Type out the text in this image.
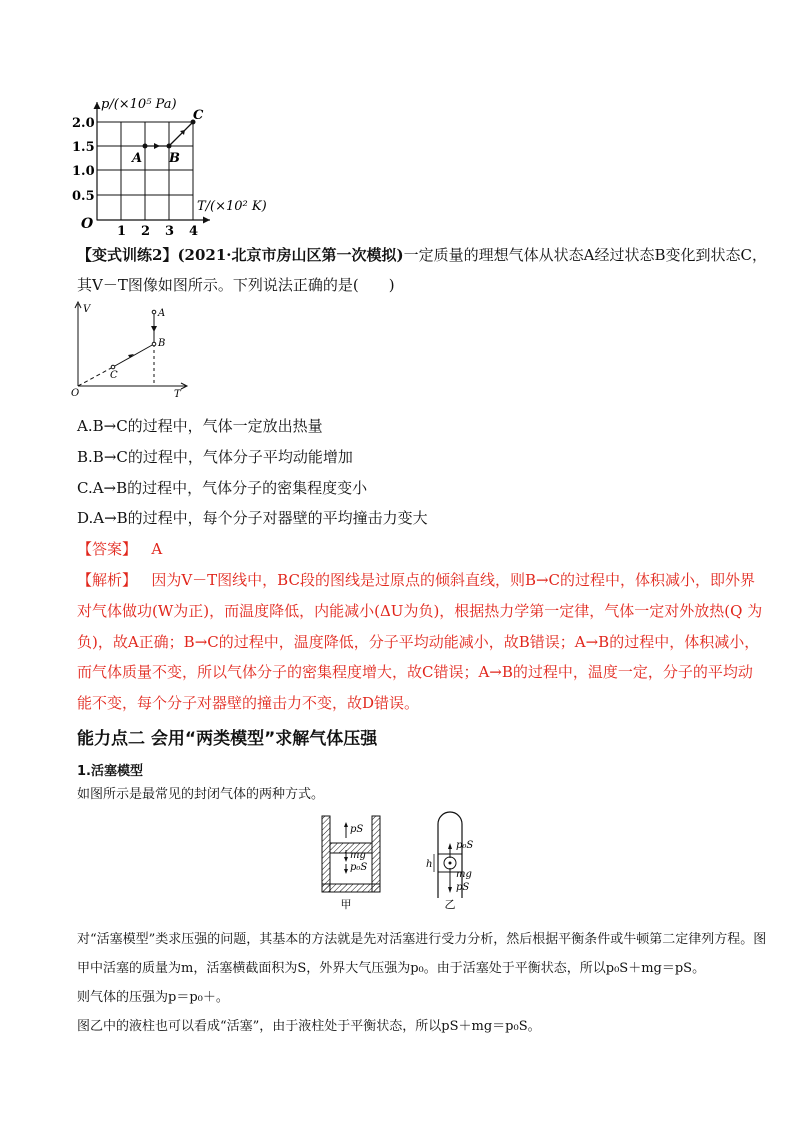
p/(×10⁵ Pa)
T/(×10² K)
O
2.0
1.5
1.0
0.5
1 2 3 4
A B
C
【变式训练2】(2021·北京市房山区第一次模拟)一定质量的理想气体从状态A经过状态B变化到状态C，
其V－T图像如图所示。下列说法正确的是(　　)
V
T
O
A
B
C
A.B→C的过程中，气体一定放出热量
B.B→C的过程中，气体分子平均动能增加
C.A→B的过程中，气体分子的密集程度变小
D.A→B的过程中，每个分子对器壁的平均撞击力变大
【答案】 A
【解析】 因为V－T图线中，BC段的图线是过原点的倾斜直线，则B→C的过程中，体积减小，即外界
对气体做功(W为正)，而温度降低，内能减小(ΔU为负)，根据热力学第一定律，气体一定对外放热(Q 为
负)，故A正确；B→C的过程中，温度降低，分子平均动能减小，故B错误；A→B的过程中，体积减小，
而气体质量不变，所以气体分子的密集程度增大，故C错误；A→B的过程中，温度一定，分子的平均动
能不变，每个分子对器壁的撞击力不变，故D错误。
能力点二 会用“两类模型”求解气体压强
1.活塞模型
如图所示是最常见的封闭气体的两种方式。
pS
mg
p₀S
甲
p₀S
h
mg
pS
乙
对“活塞模型”类求压强的问题，其基本的方法就是先对活塞进行受力分析，然后根据平衡条件或牛顿第二定律列方程。图
甲中活塞的质量为m，活塞横截面积为S，外界大气压强为p₀。由于活塞处于平衡状态，所以p₀S＋mg＝pS。
则气体的压强为p＝p₀＋。
图乙中的液柱也可以看成“活塞”，由于液柱处于平衡状态，所以pS＋mg＝p₀S。
